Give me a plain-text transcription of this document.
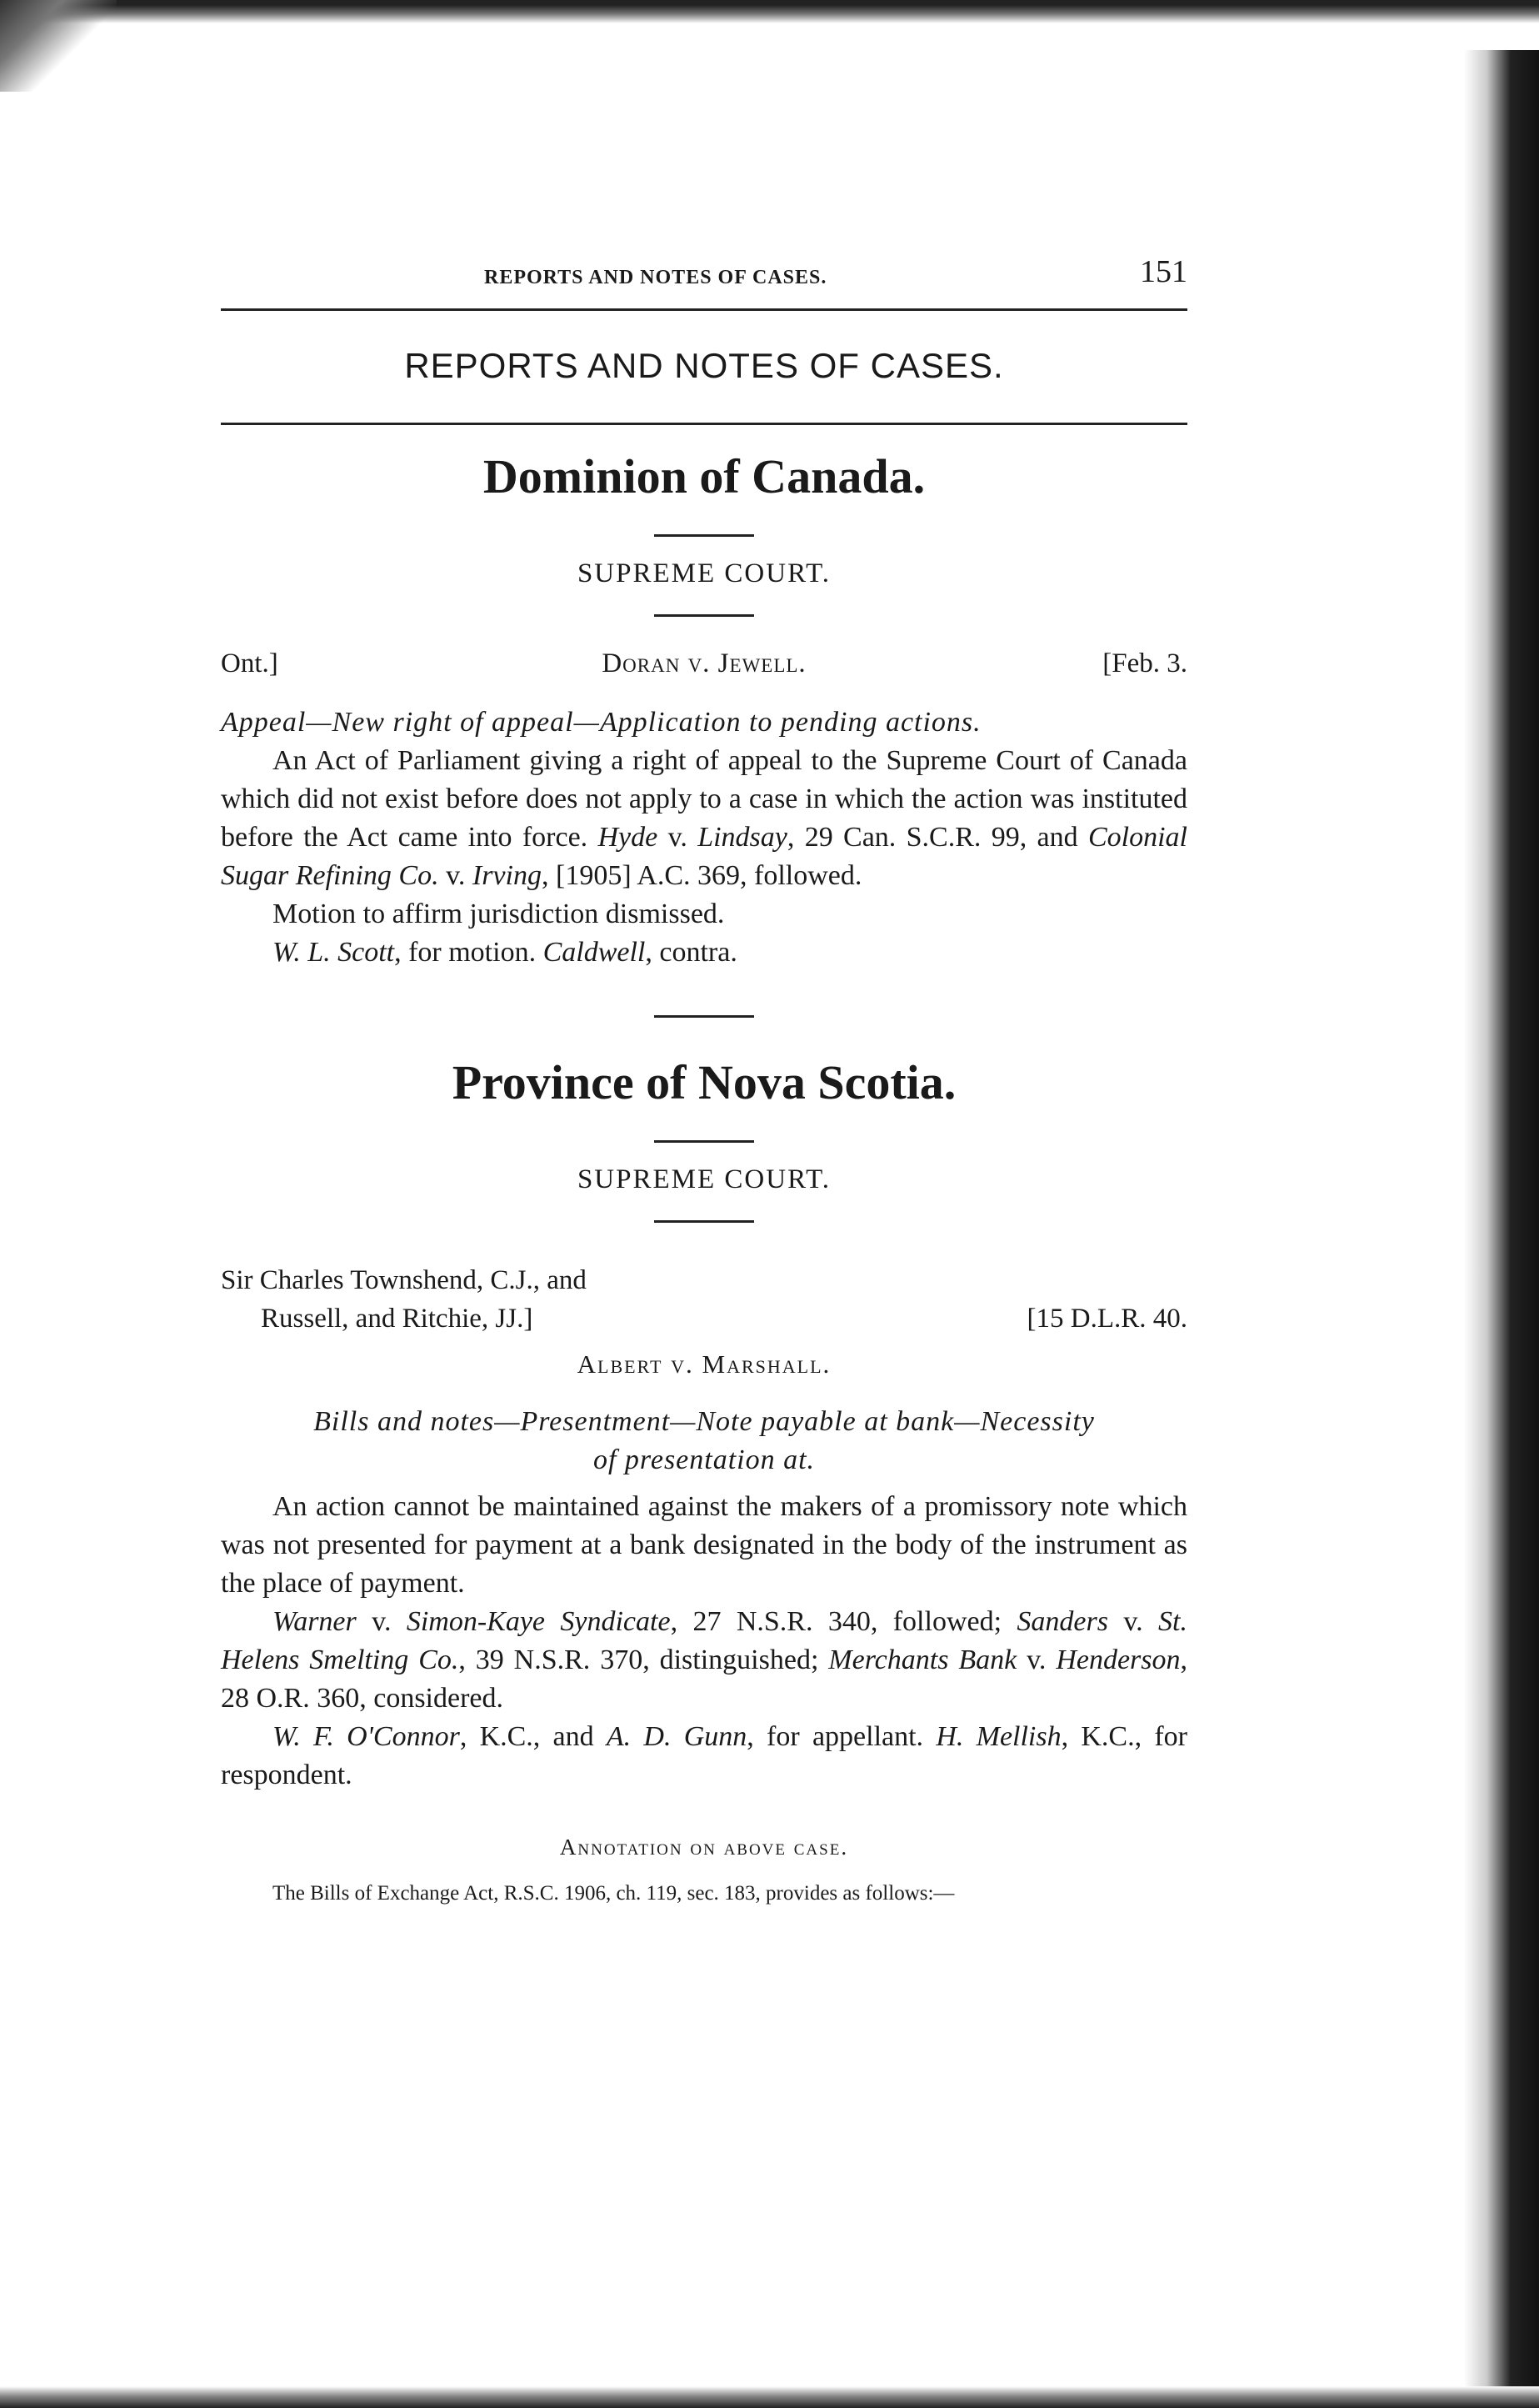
REPORTS AND NOTES OF CASES.	151
REPORTS AND NOTES OF CASES.
Dominion of Canada.
SUPREME COURT.
Ont.]	Doran v. Jewell.	[Feb. 3.
Appeal—New right of appeal—Application to pending actions.

An Act of Parliament giving a right of appeal to the Supreme Court of Canada which did not exist before does not apply to a case in which the action was instituted before the Act came into force. Hyde v. Lindsay, 29 Can. S.C.R. 99, and Colonial Sugar Refining Co. v. Irving, [1905] A.C. 369, followed.

Motion to affirm jurisdiction dismissed.

W. L. Scott, for motion. Caldwell, contra.

Province of Nova Scotia.
SUPREME COURT.
Sir Charles Townshend, C.J., and
Russell, and Ritchie, JJ.]	[15 D.L.R. 40.
Albert v. Marshall.
Bills and notes—Presentment—Note payable at bank—Necessity
of presentation at.

An action cannot be maintained against the makers of a promissory note which was not presented for payment at a bank designated in the body of the instrument as the place of payment.

Warner v. Simon-Kaye Syndicate, 27 N.S.R. 340, followed; Sanders v. St. Helens Smelting Co., 39 N.S.R. 370, distinguished; Merchants Bank v. Henderson, 28 O.R. 360, considered.

W. F. O'Connor, K.C., and A. D. Gunn, for appellant. H. Mellish, K.C., for respondent.

Annotation on above case.

The Bills of Exchange Act, R.S.C. 1906, ch. 119, sec. 183, provides as follows:—
